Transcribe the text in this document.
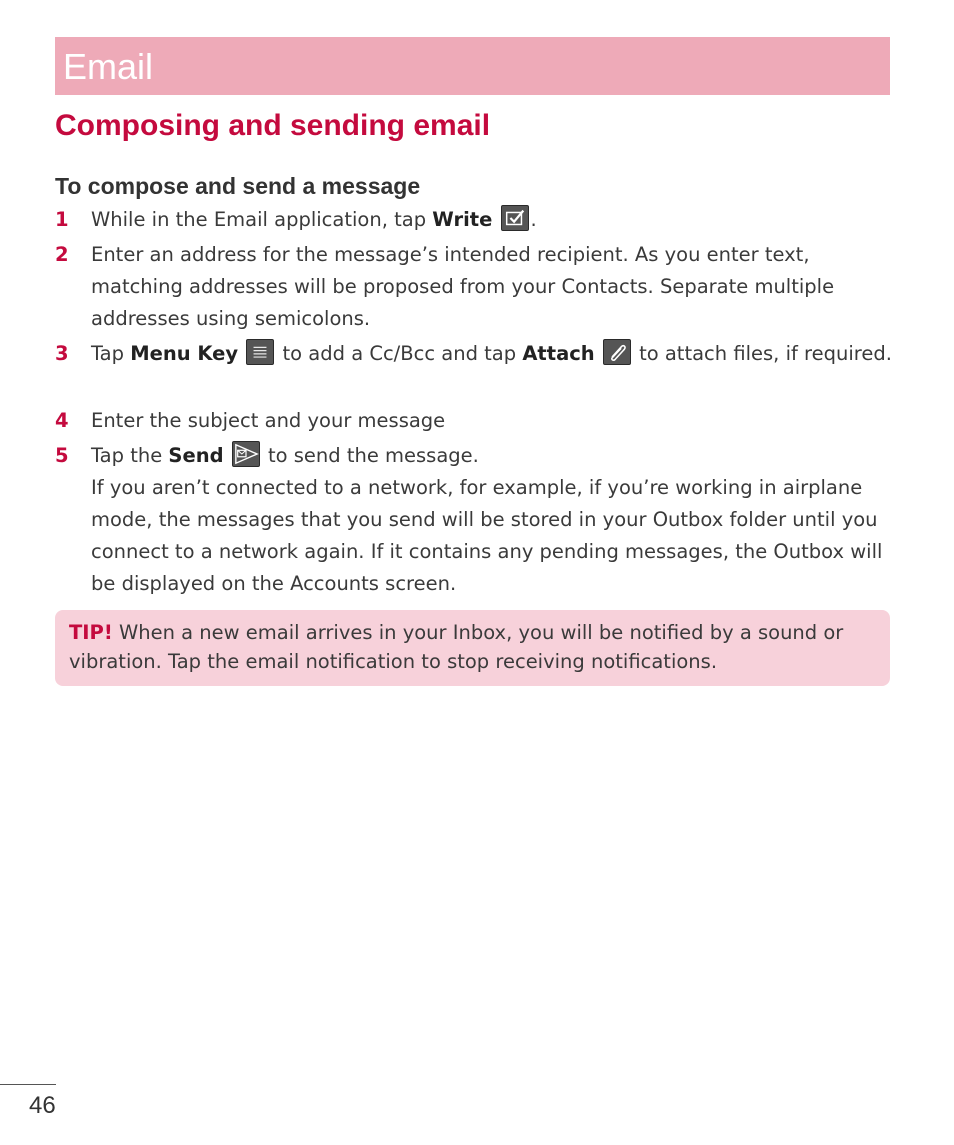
Email
Composing and sending email
To compose and send a message
1 While in the Email application, tap Write .
2 Enter an address for the message’s intended recipient. As you enter text, matching addresses will be proposed from your Contacts. Separate multiple addresses using semicolons.
3 Tap Menu Key
to add a Cc/Bcc and tap Attach
to attach files, if required.
4 Enter the subject and your message
5 Tap the Send
to send the message.
If you aren’t connected to a network, for example, if you’re working in airplane mode, the messages that you send will be stored in your Outbox folder until you connect to a network again. If it contains any pending messages, the Outbox will be displayed on the Accounts screen.
TIP! When a new email arrives in your Inbox, you will be notified by a sound or vibration. Tap the email notification to stop receiving notifications.
46
